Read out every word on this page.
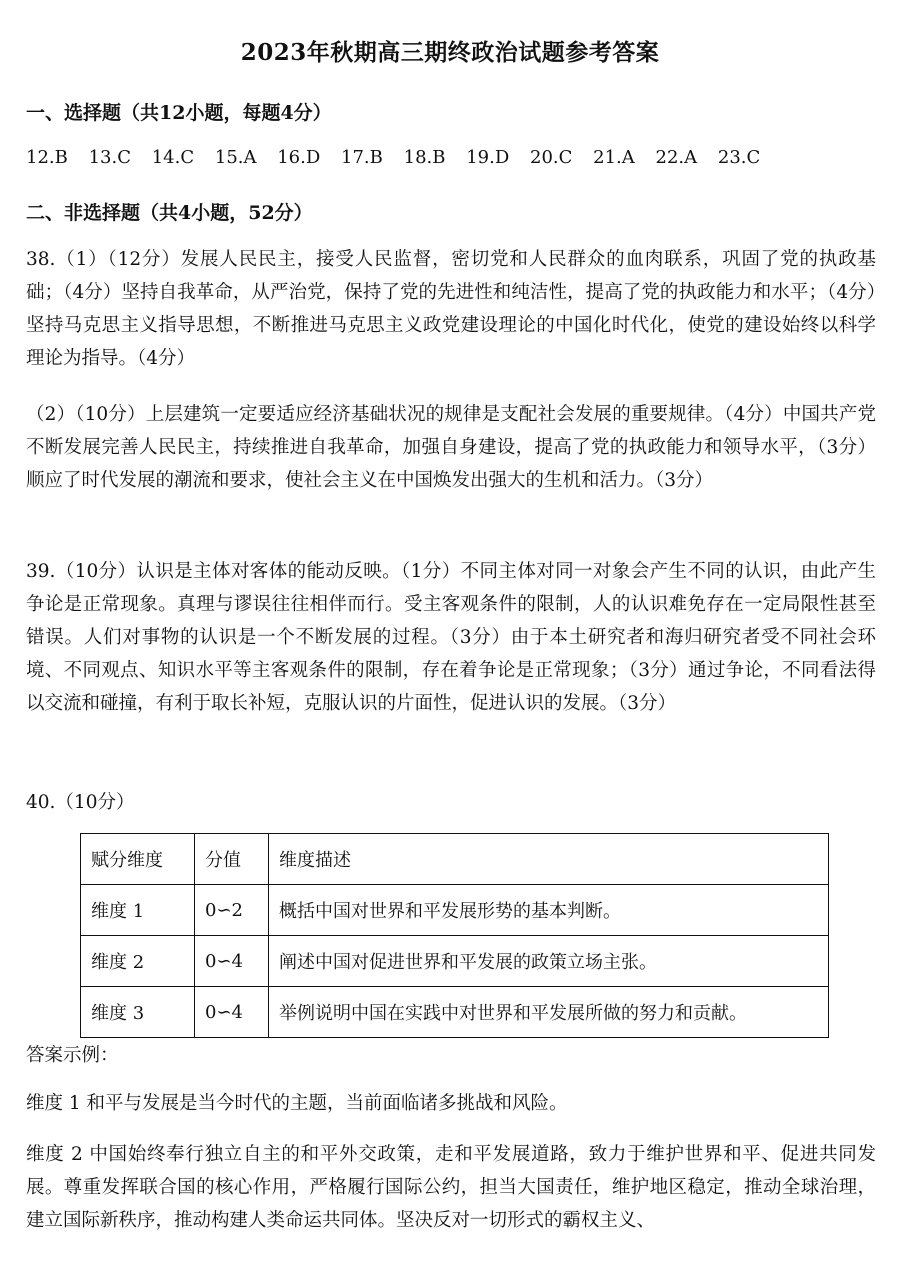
2023年秋期高三期终政治试题参考答案

一、选择题（共12小题，每题4分）

12.B 13.C 14.C 15.A 16.D 17.B 18.B 19.D 20.C 21.A 22.A 23.C

二、非选择题（共4小题，52分）

38.（1）（12分）发展人民民主，接受人民监督，密切党和人民群众的血肉联系，巩固了党的执政基础；（4分）坚持自我革命，从严治党，保持了党的先进性和纯洁性，提高了党的执政能力和水平；（4分）坚持马克思主义指导思想，不断推进马克思主义政党建设理论的中国化时代化，使党的建设始终以科学理论为指导。（4分）

（2）（10分）上层建筑一定要适应经济基础状况的规律是支配社会发展的重要规律。（4分）中国共产党不断发展完善人民民主，持续推进自我革命，加强自身建设，提高了党的执政能力和领导水平，（3分）顺应了时代发展的潮流和要求，使社会主义在中国焕发出强大的生机和活力。（3分）

39.（10分）认识是主体对客体的能动反映。（1分）不同主体对同一对象会产生不同的认识，由此产生争论是正常现象。真理与谬误往往相伴而行。受主客观条件的限制，人的认识难免存在一定局限性甚至错误。人们对事物的认识是一个不断发展的过程。（3分）由于本土研究者和海归研究者受不同社会环境、不同观点、知识水平等主客观条件的限制，存在着争论是正常现象；（3分）通过争论，不同看法得以交流和碰撞，有利于取长补短，克服认识的片面性，促进认识的发展。（3分）

40.（10分）

赋分维度	分值	维度描述
维度 1	0∽2	概括中国对世界和平发展形势的基本判断。
维度 2	0∽4	阐述中国对促进世界和平发展的政策立场主张。
维度 3	0∽4	举例说明中国在实践中对世界和平发展所做的努力和贡献。

答案示例：

维度 1 和平与发展是当今时代的主题，当前面临诸多挑战和风险。

维度 2 中国始终奉行独立自主的和平外交政策，走和平发展道路，致力于维护世界和平、促进共同发展。尊重发挥联合国的核心作用，严格履行国际公约，担当大国责任，维护地区稳定，推动全球治理，建立国际新秩序，推动构建人类命运共同体。坚决反对一切形式的霸权主义、
